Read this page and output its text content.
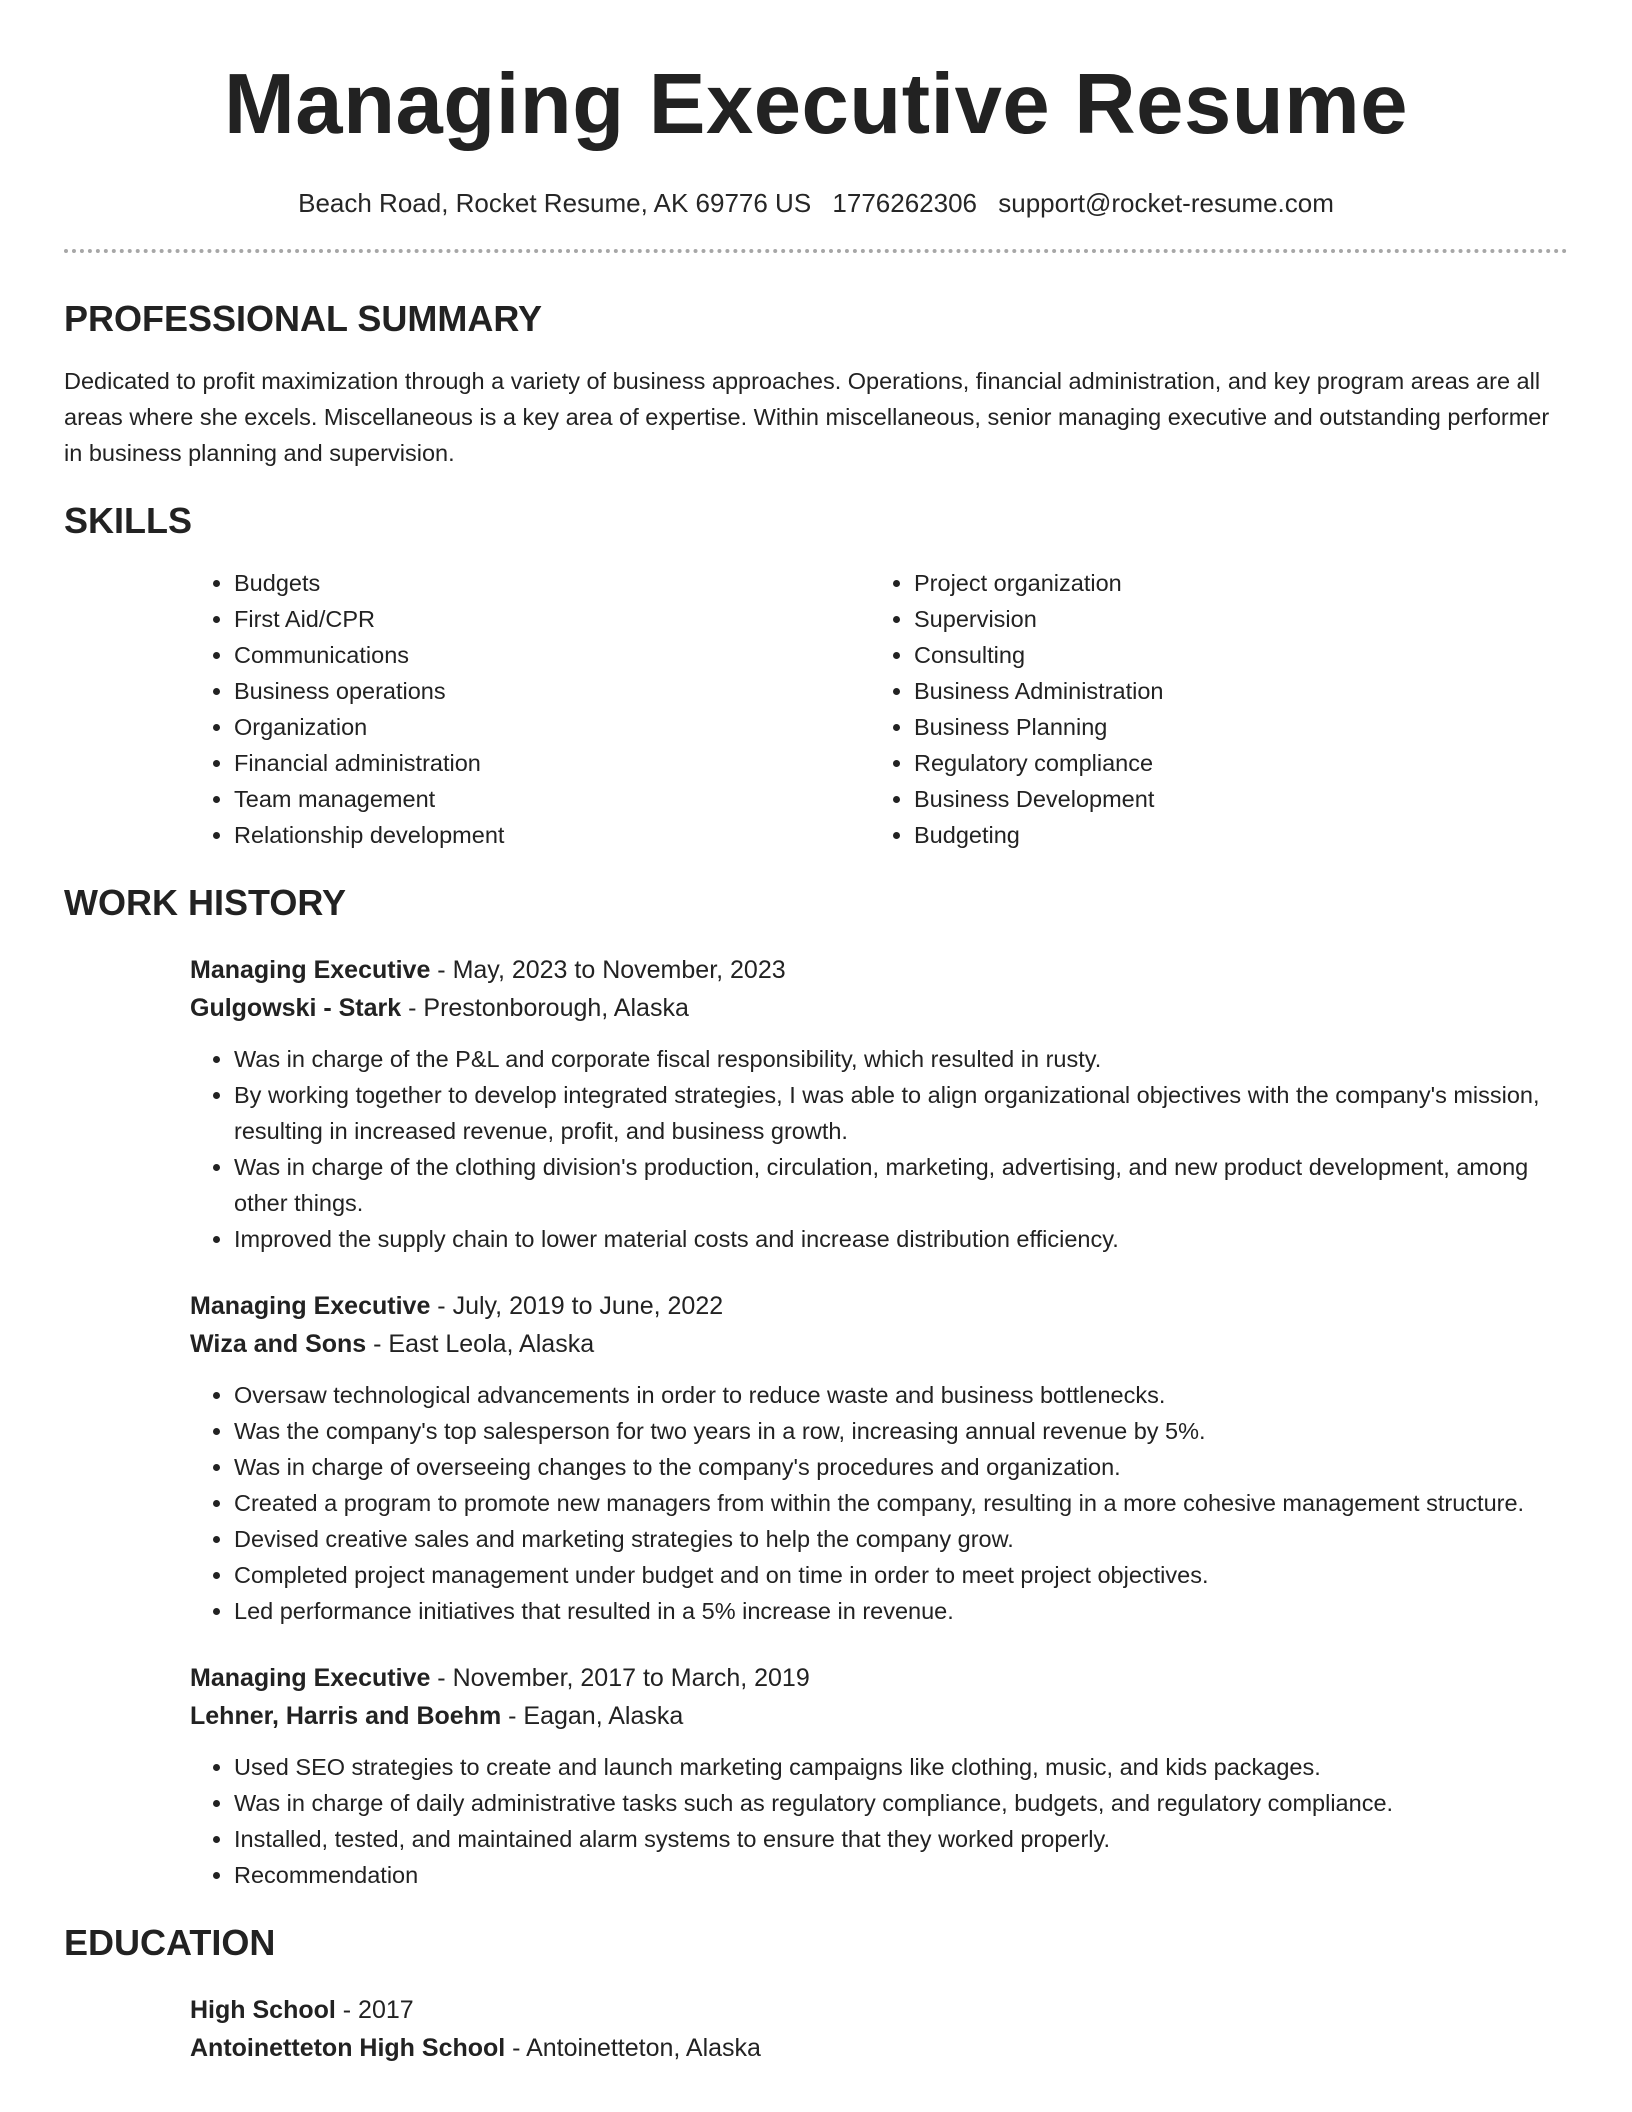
Managing Executive Resume
Beach Road, Rocket Resume, AK 69776 US 1776262306 support@rocket-resume.com
PROFESSIONAL SUMMARY

Dedicated to profit maximization through a variety of business approaches. Operations, financial administration, and key program areas are all areas where she excels. Miscellaneous is a key area of expertise. Within miscellaneous, senior managing executive and outstanding performer in business planning and supervision.

SKILLS
• Budgets
• First Aid/CPR
• Communications
• Business operations
• Organization
• Financial administration
• Team management
• Relationship development
• Project organization
• Supervision
• Consulting
• Business Administration
• Business Planning
• Regulatory compliance
• Business Development
• Budgeting
WORK HISTORY
Managing Executive - May, 2023 to November, 2023
Gulgowski - Stark - Prestonborough, Alaska
• Was in charge of the P&L and corporate fiscal responsibility, which resulted in rusty.
• By working together to develop integrated strategies, I was able to align organizational objectives with the company's mission, resulting in increased revenue, profit, and business growth.
• Was in charge of the clothing division's production, circulation, marketing, advertising, and new product development, among other things.
• Improved the supply chain to lower material costs and increase distribution efficiency.
Managing Executive - July, 2019 to June, 2022
Wiza and Sons - East Leola, Alaska
• Oversaw technological advancements in order to reduce waste and business bottlenecks.
• Was the company's top salesperson for two years in a row, increasing annual revenue by 5%.
• Was in charge of overseeing changes to the company's procedures and organization.
• Created a program to promote new managers from within the company, resulting in a more cohesive management structure.
• Devised creative sales and marketing strategies to help the company grow.
• Completed project management under budget and on time in order to meet project objectives.
• Led performance initiatives that resulted in a 5% increase in revenue.
Managing Executive - November, 2017 to March, 2019
Lehner, Harris and Boehm - Eagan, Alaska
• Used SEO strategies to create and launch marketing campaigns like clothing, music, and kids packages.
• Was in charge of daily administrative tasks such as regulatory compliance, budgets, and regulatory compliance.
• Installed, tested, and maintained alarm systems to ensure that they worked properly.
• Recommendation
EDUCATION
High School - 2017
Antoinetteton High School - Antoinetteton, Alaska
